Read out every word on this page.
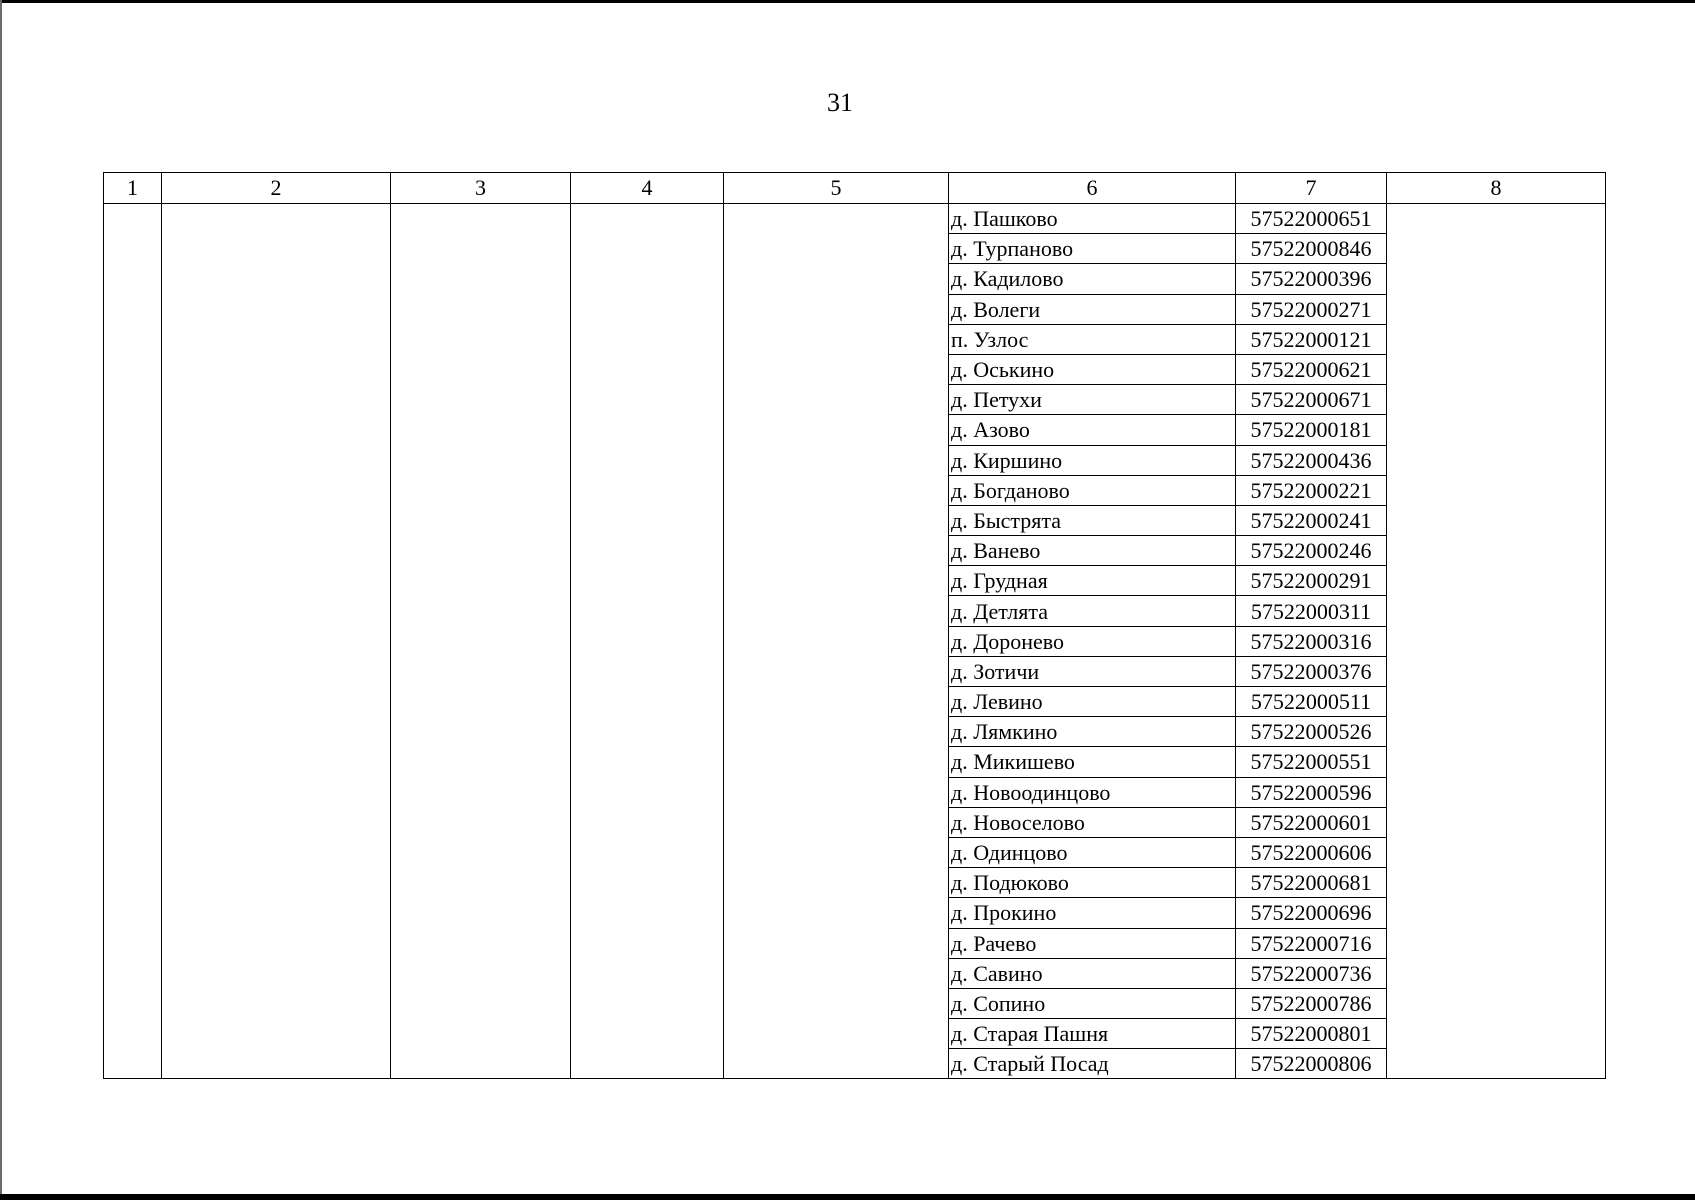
31
1	2	3	4	5	6	7	8
					д. Пашково	57522000651	
					д. Турпаново	57522000846	
					д. Кадилово	57522000396	
					д. Волеги	57522000271	
					п. Узлос	57522000121	
					д. Оськино	57522000621	
					д. Петухи	57522000671	
					д. Азово	57522000181	
					д. Киршино	57522000436	
					д. Богданово	57522000221	
					д. Быстрята	57522000241	
					д. Ванево	57522000246	
					д. Грудная	57522000291	
					д. Детлята	57522000311	
					д. Доронево	57522000316	
					д. Зотичи	57522000376	
					д. Левино	57522000511	
					д. Лямкино	57522000526	
					д. Микишево	57522000551	
					д. Новоодинцово	57522000596	
					д. Новоселово	57522000601	
					д. Одинцово	57522000606	
					д. Подюково	57522000681	
					д. Прокино	57522000696	
					д. Рачево	57522000716	
					д. Савино	57522000736	
					д. Сопино	57522000786	
					д. Старая Пашня	57522000801	
					д. Старый Посад	57522000806	
